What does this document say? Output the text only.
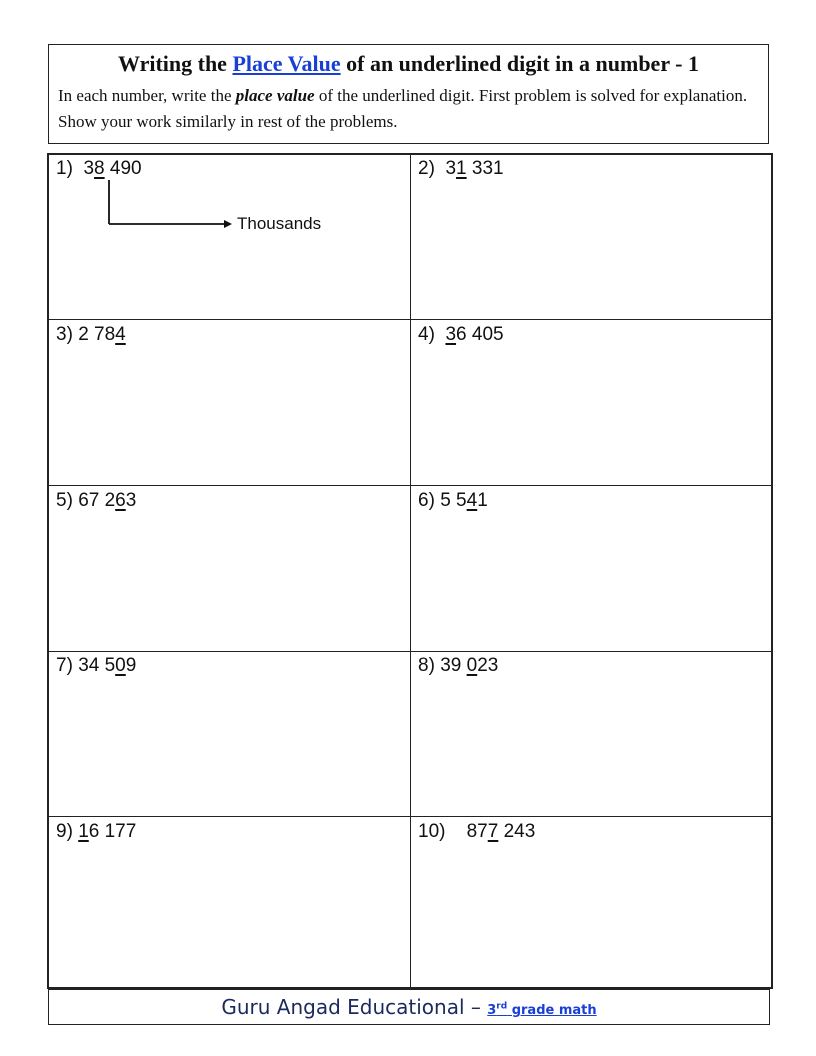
Writing the Place Value of an underlined digit in a number - 1
In each number, write the place value of the underlined digit. First problem is solved for explanation. Show your work similarly in rest of the problems.
1) 38 490	2) 31 331
3) 2 784	4) 36 405
5) 67 263	6) 5 541
7) 34 509	8) 39 023
9) 16 177	10) 877 243
Thousands
Guru Angad Educational – 3rd grade math
